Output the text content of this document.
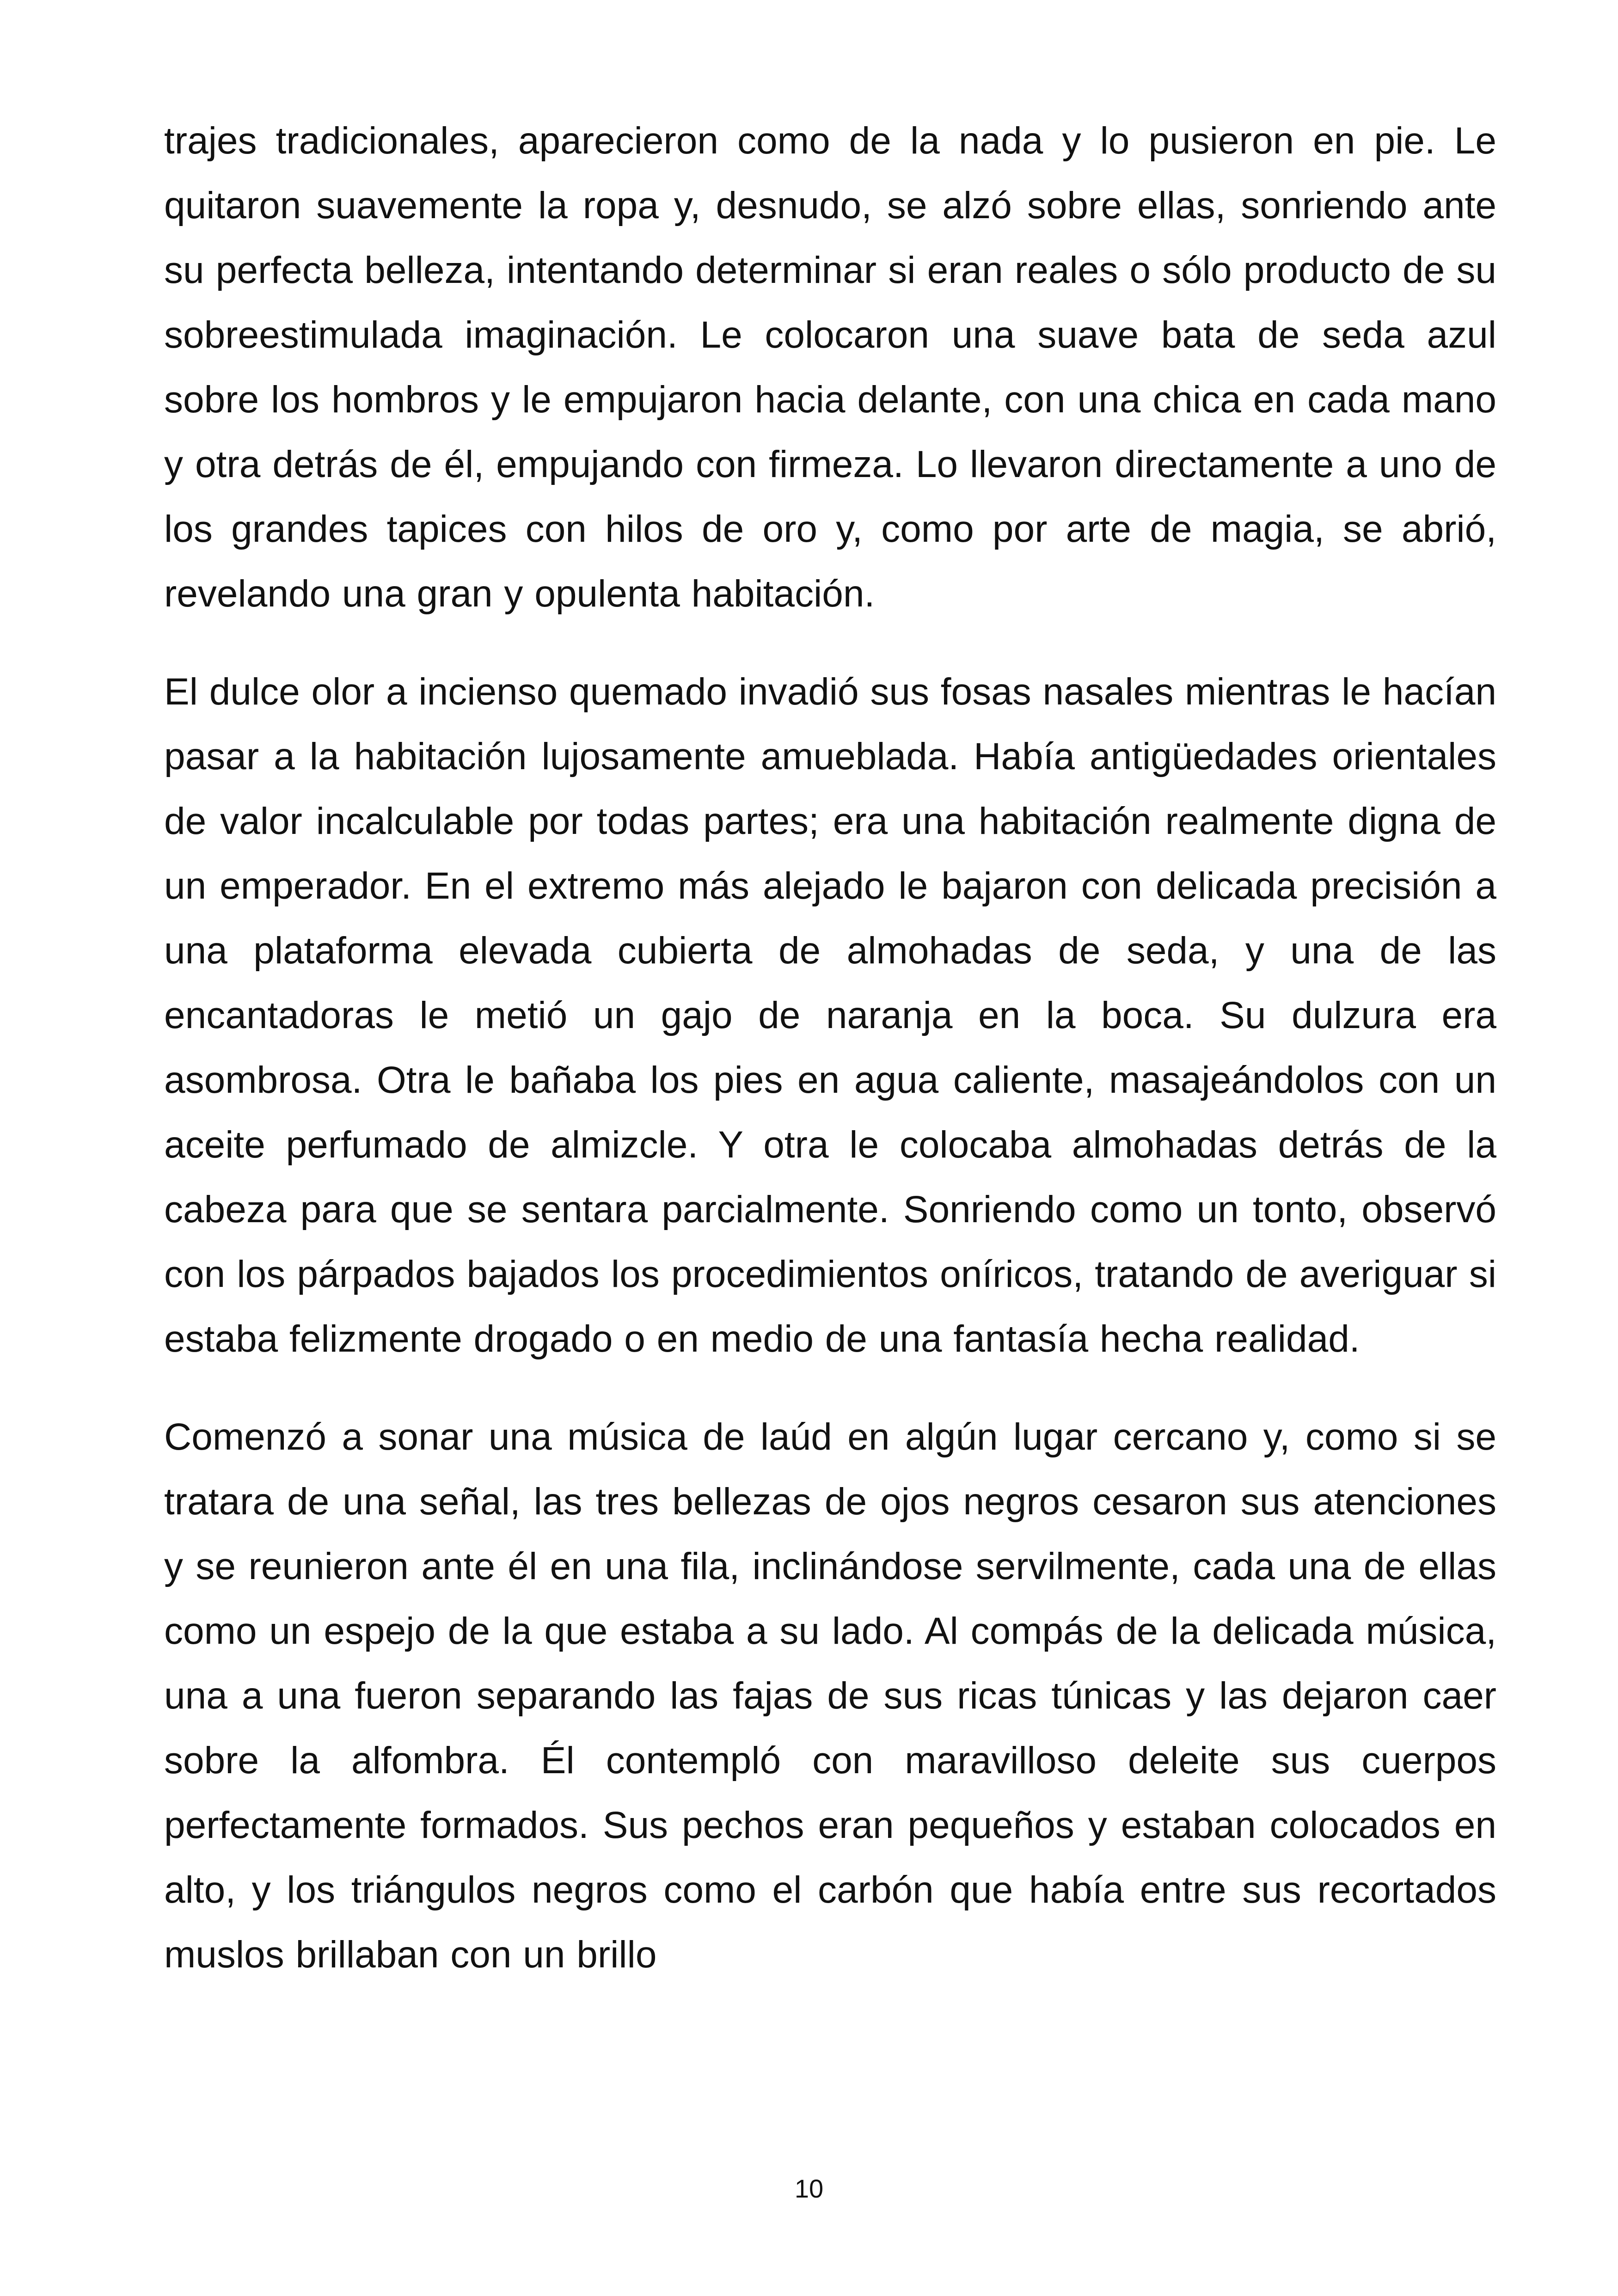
trajes tradicionales, aparecieron como de la nada y lo pusieron en pie. Le quitaron suavemente la ropa y, desnudo, se alzó sobre ellas, sonriendo ante su perfecta belleza, intentando determinar si eran reales o sólo producto de su sobreestimulada imaginación. Le colocaron una suave bata de seda azul sobre los hombros y le empujaron hacia delante, con una chica en cada mano y otra detrás de él, empujando con firmeza. Lo llevaron directamente a uno de los grandes tapices con hilos de oro y, como por arte de magia, se abrió, revelando una gran y opulenta habitación.

El dulce olor a incienso quemado invadió sus fosas nasales mientras le hacían pasar a la habitación lujosamente amueblada. Había antigüedades orientales de valor incalculable por todas partes; era una habitación realmente digna de un emperador. En el extremo más alejado le bajaron con delicada precisión a una plataforma elevada cubierta de almohadas de seda, y una de las encantadoras le metió un gajo de naranja en la boca. Su dulzura era asombrosa. Otra le bañaba los pies en agua caliente, masajeándolos con un aceite perfumado de almizcle. Y otra le colocaba almohadas detrás de la cabeza para que se sentara parcialmente. Sonriendo como un tonto, observó con los párpados bajados los procedimientos oníricos, tratando de averiguar si estaba felizmente drogado o en medio de una fantasía hecha realidad.

Comenzó a sonar una música de laúd en algún lugar cercano y, como si se tratara de una señal, las tres bellezas de ojos negros cesaron sus atenciones y se reunieron ante él en una fila, inclinándose servilmente, cada una de ellas como un espejo de la que estaba a su lado. Al compás de la delicada música, una a una fueron separando las fajas de sus ricas túnicas y las dejaron caer sobre la alfombra. Él contempló con maravilloso deleite sus cuerpos perfectamente formados. Sus pechos eran pequeños y estaban colocados en alto, y los triángulos negros como el carbón que había entre sus recortados muslos brillaban con un brillo

10
